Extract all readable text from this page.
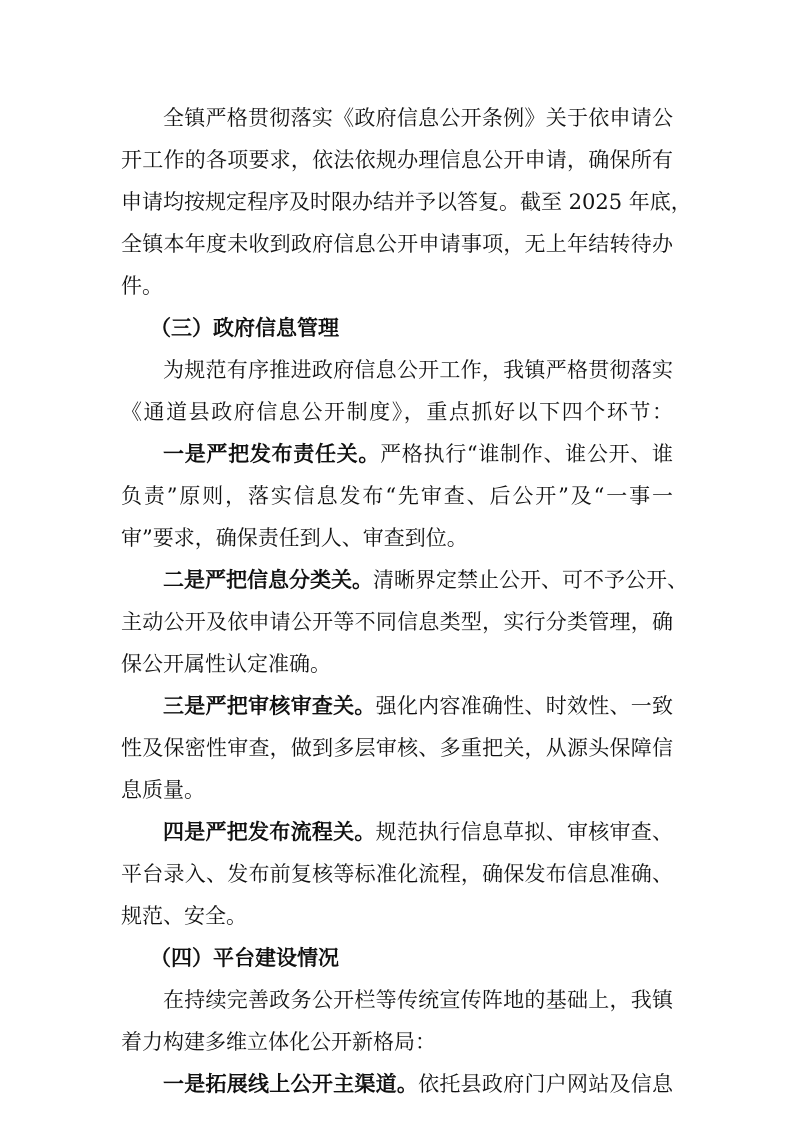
全镇严格贯彻落实《政府信息公开条例》关于依申请公
开工作的各项要求，依法依规办理信息公开申请，确保所有
申请均按规定程序及时限办结并予以答复。截至 2025 年底，
全镇本年度未收到政府信息公开申请事项，无上年结转待办
件。
（三）政府信息管理
为规范有序推进政府信息公开工作，我镇严格贯彻落实
《通道县政府信息公开制度》，重点抓好以下四个环节：
一是严把发布责任关。严格执行“谁制作、谁公开、谁
负责”原则，落实信息发布“先审查、后公开”及“一事一
审”要求，确保责任到人、审查到位。
二是严把信息分类关。清晰界定禁止公开、可不予公开、
主动公开及依申请公开等不同信息类型，实行分类管理，确
保公开属性认定准确。
三是严把审核审查关。强化内容准确性、时效性、一致
性及保密性审查，做到多层审核、多重把关，从源头保障信
息质量。
四是严把发布流程关。规范执行信息草拟、审核审查、
平台录入、发布前复核等标准化流程，确保发布信息准确、
规范、安全。
（四）平台建设情况
在持续完善政务公开栏等传统宣传阵地的基础上，我镇
着力构建多维立体化公开新格局：
一是拓展线上公开主渠道。依托县政府门户网站及信息
